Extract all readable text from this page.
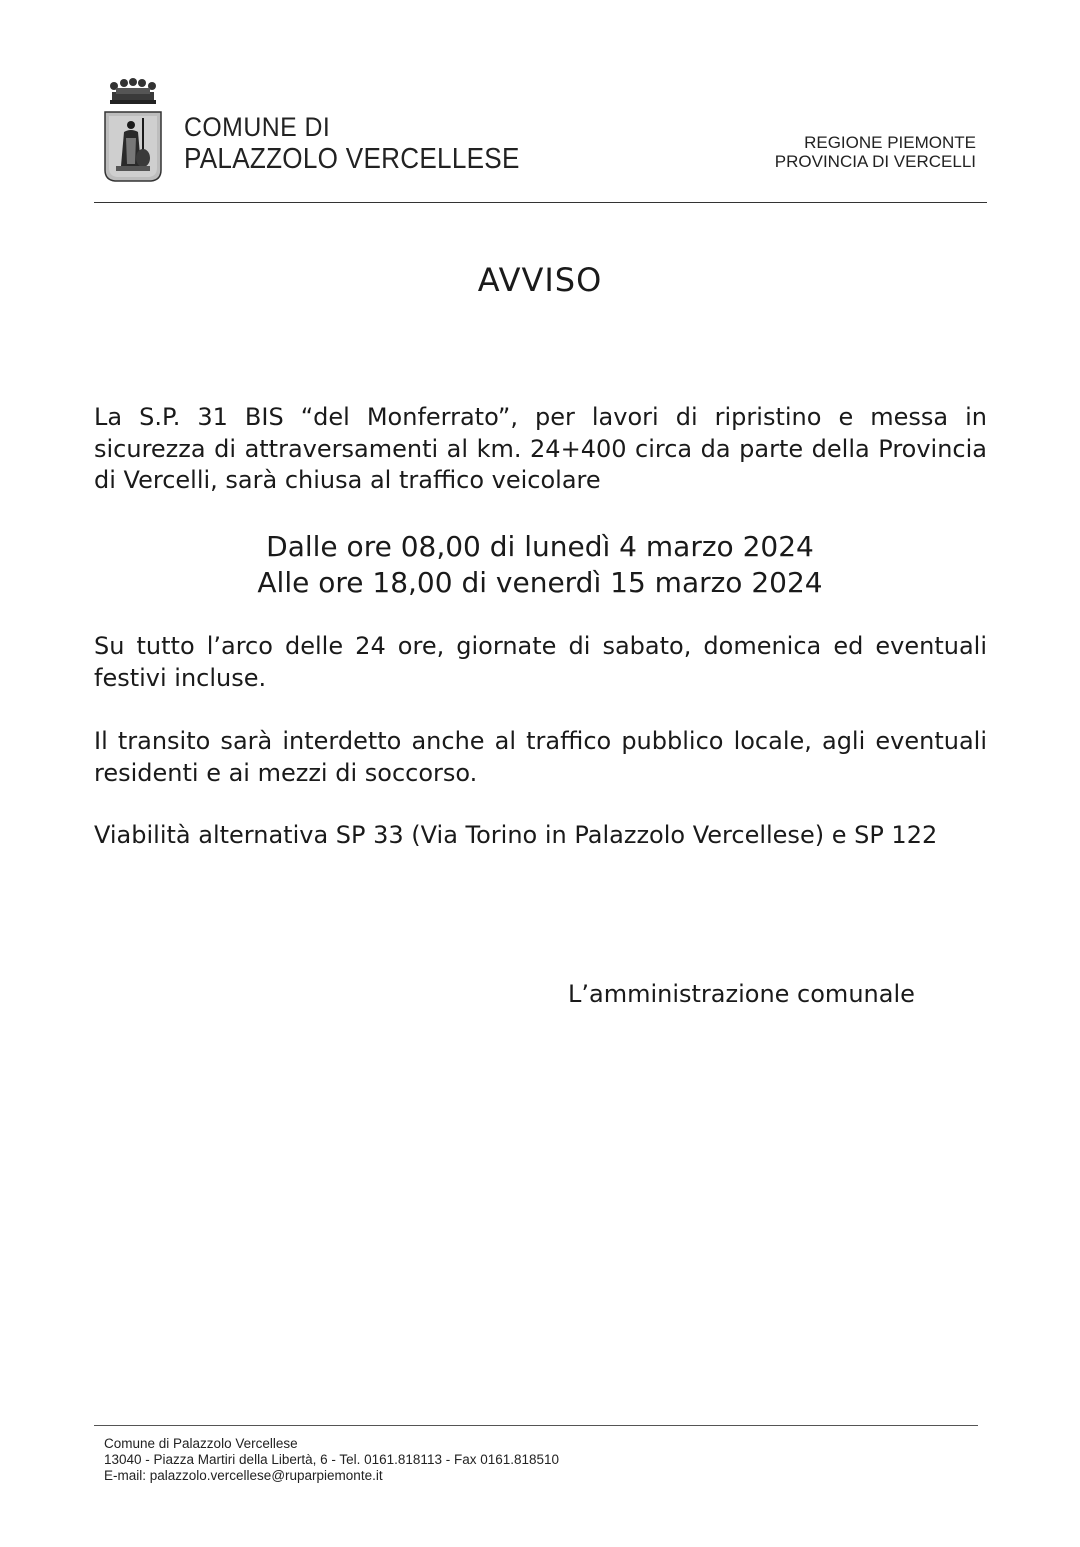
COMUNE DI
PALAZZOLO VERCELLESE
REGIONE PIEMONTE
PROVINCIA DI VERCELLI
AVVISO
La S.P. 31 BIS “del Monferrato”, per lavori di ripristino e messa in sicurezza di attraversamenti al km. 24+400 circa da parte della Provincia di Vercelli, sarà chiusa al traffico veicolare
Dalle ore 08,00 di lunedì 4 marzo 2024
Alle ore 18,00 di venerdì 15 marzo 2024
Su tutto l’arco delle 24 ore, giornate di sabato, domenica ed eventuali festivi incluse.
Il transito sarà interdetto anche al traffico pubblico locale, agli eventuali residenti e ai mezzi di soccorso.
Viabilità alternativa SP 33 (Via Torino in Palazzolo Vercellese) e SP 122
L’amministrazione comunale
Comune di Palazzolo Vercellese
13040 - Piazza Martiri della Libertà, 6 - Tel. 0161.818113 - Fax 0161.818510
E-mail: palazzolo.vercellese@ruparpiemonte.it
